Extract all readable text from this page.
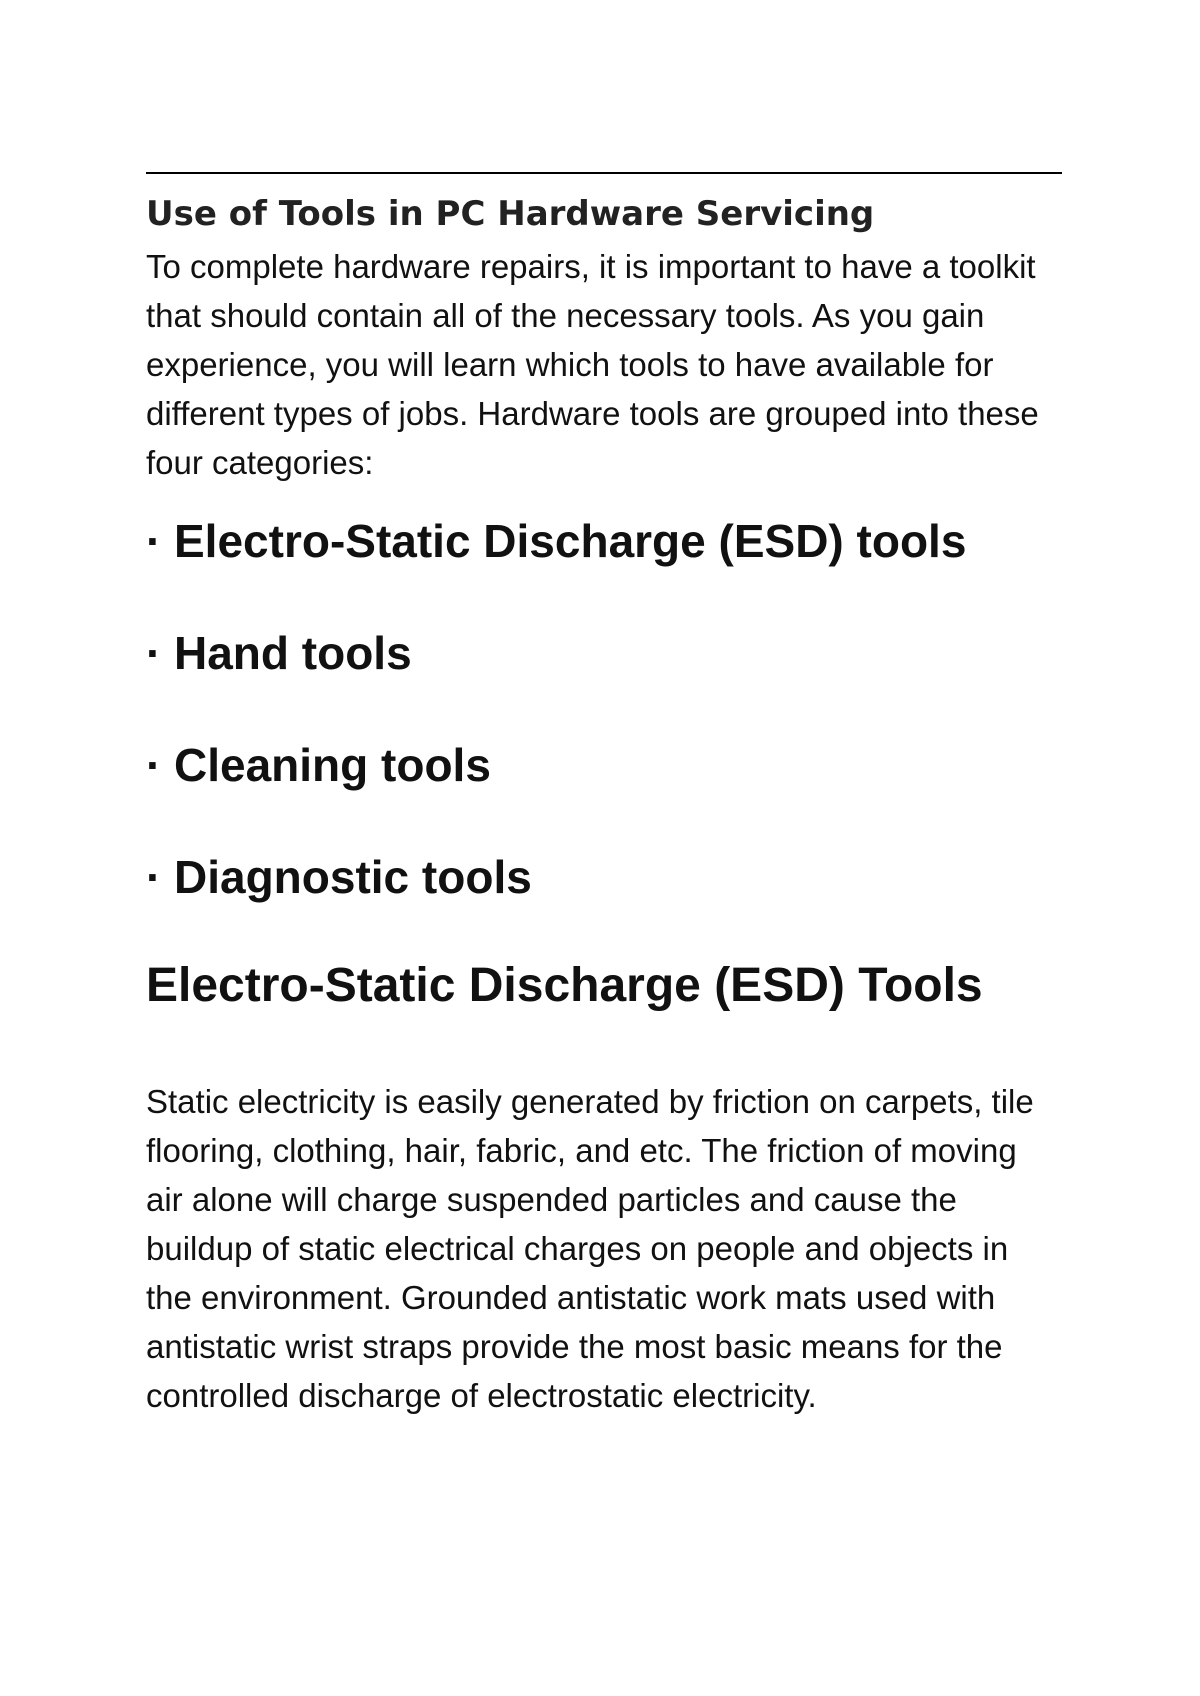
Use of Tools in PC Hardware Servicing

To complete hardware repairs, it is important to have a toolkit that should contain all of the necessary tools. As you gain experience, you will learn which tools to have available for different types of jobs. Hardware tools are grouped into these four categories:

· Electro-Static Discharge (ESD) tools
· Hand tools
· Cleaning tools
· Diagnostic tools
Electro-Static Discharge (ESD) Tools

Static electricity is easily generated by friction on carpets, tile flooring, clothing, hair, fabric, and etc. The friction of moving air alone will charge suspended particles and cause the buildup of static electrical charges on people and objects in the environment. Grounded antistatic work mats used with antistatic wrist straps provide the most basic means for the controlled discharge of electrostatic electricity.
